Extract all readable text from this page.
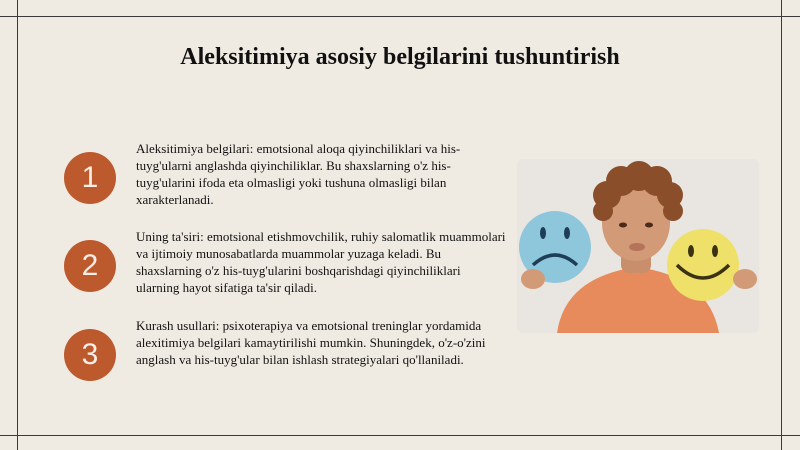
Aleksitimiya asosiy belgilarini tushuntirish
1
Aleksitimiya belgilari: emotsional aloqa qiyinchiliklari va his-tuyg'ularni anglashda qiyinchiliklar. Bu shaxslarning o'z his-tuyg'ularini ifoda eta olmasligi yoki tushuna olmasligi bilan xarakterlanadi.
2
Uning ta'siri: emotsional etishmovchilik, ruhiy salomatlik muammolari va ijtimoiy munosabatlarda muammolar yuzaga keladi. Bu shaxslarning o'z his-tuyg'ularini boshqarishdagi qiyinchiliklari ularning hayot sifatiga ta'sir qiladi.
3
Kurash usullari: psixoterapiya va emotsional treninglar yordamida alexitimiya belgilari kamaytirilishi mumkin. Shuningdek, o'z-o'zini anglash va his-tuyg'ular bilan ishlash strategiyalari qo'llaniladi.
